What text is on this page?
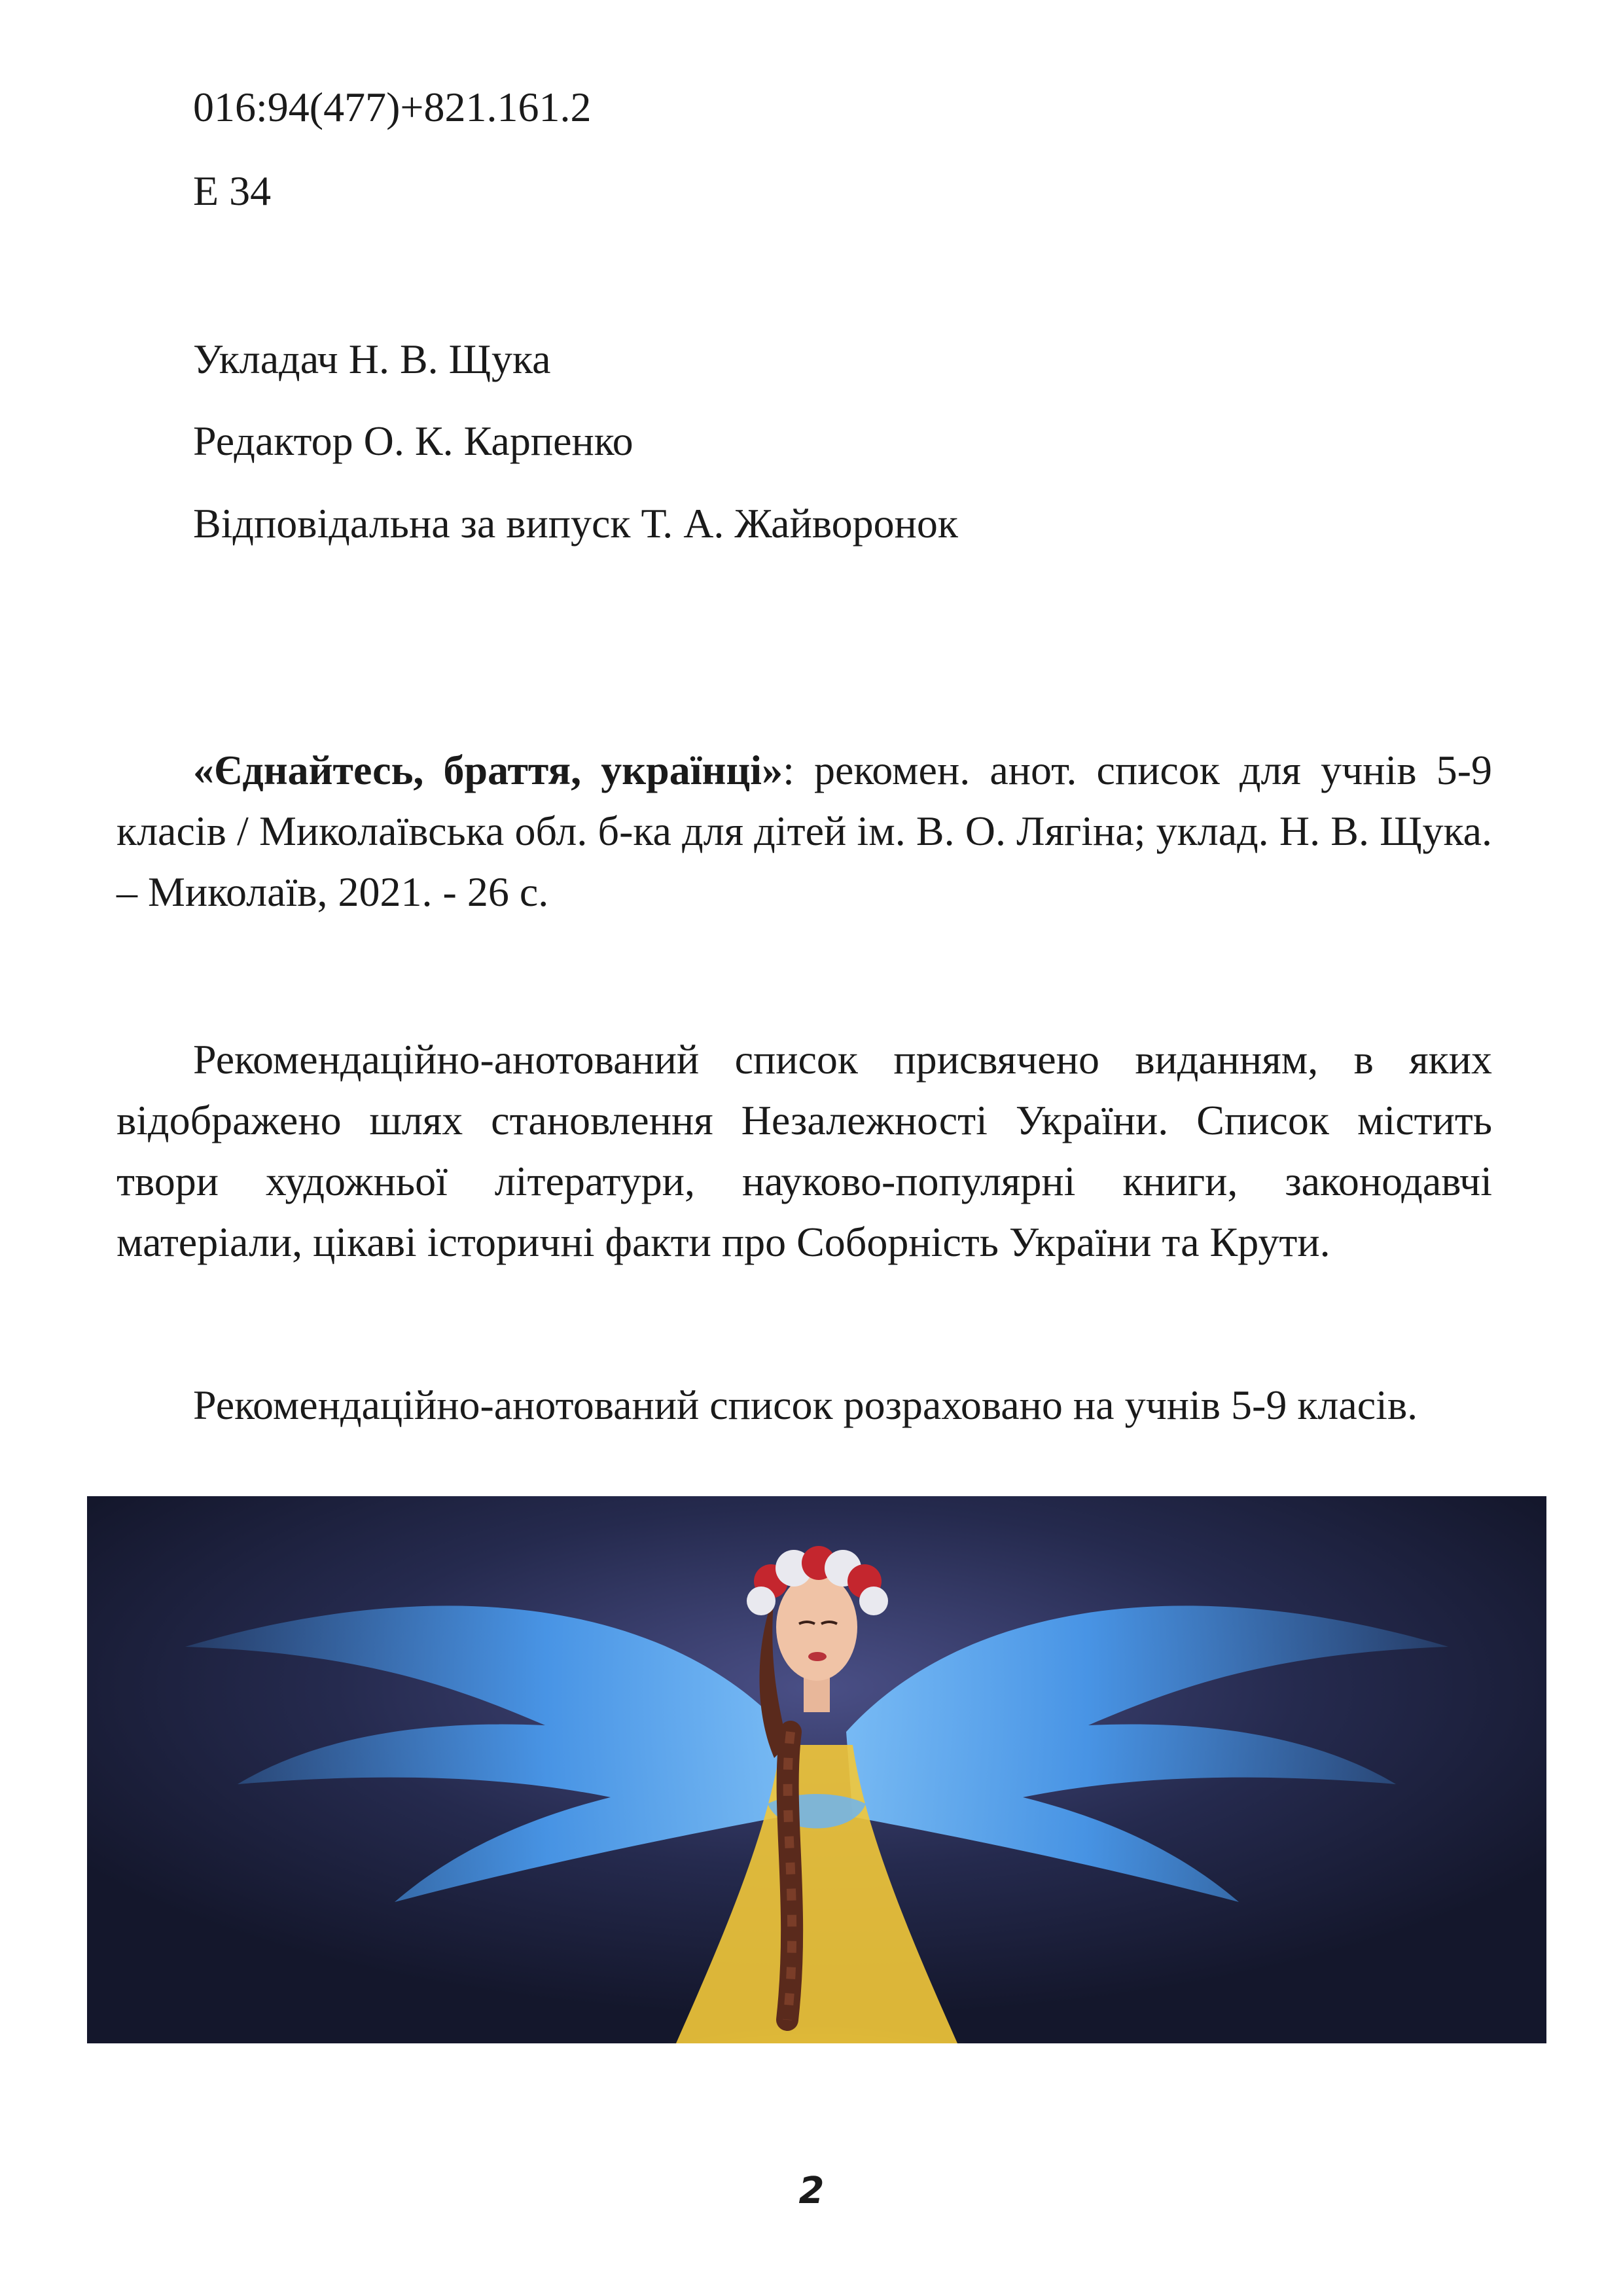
016:94(477)+821.161.2
Е 34
Укладач Н. В. Щука
Редактор О. К. Карпенко
Відповідальна за випуск Т. А. Жайворонок

«Єднайтесь, браття, українці»: рекомен. анот. список для учнів 5-9 класів / Миколаївська обл. б-ка для дітей ім. В. О. Лягіна; уклад. Н. В. Щука. – Миколаїв, 2021. - 26 с.

Рекомендаційно-анотований список присвячено виданням, в яких відображено шлях становлення Незалежності України. Список містить твори художньої літератури, науково-популярні книги, законодавчі матеріали, цікаві історичні факти про Соборність України та Крути.

Рекомендаційно-анотований список розраховано на учнів 5-9 класів.
2
